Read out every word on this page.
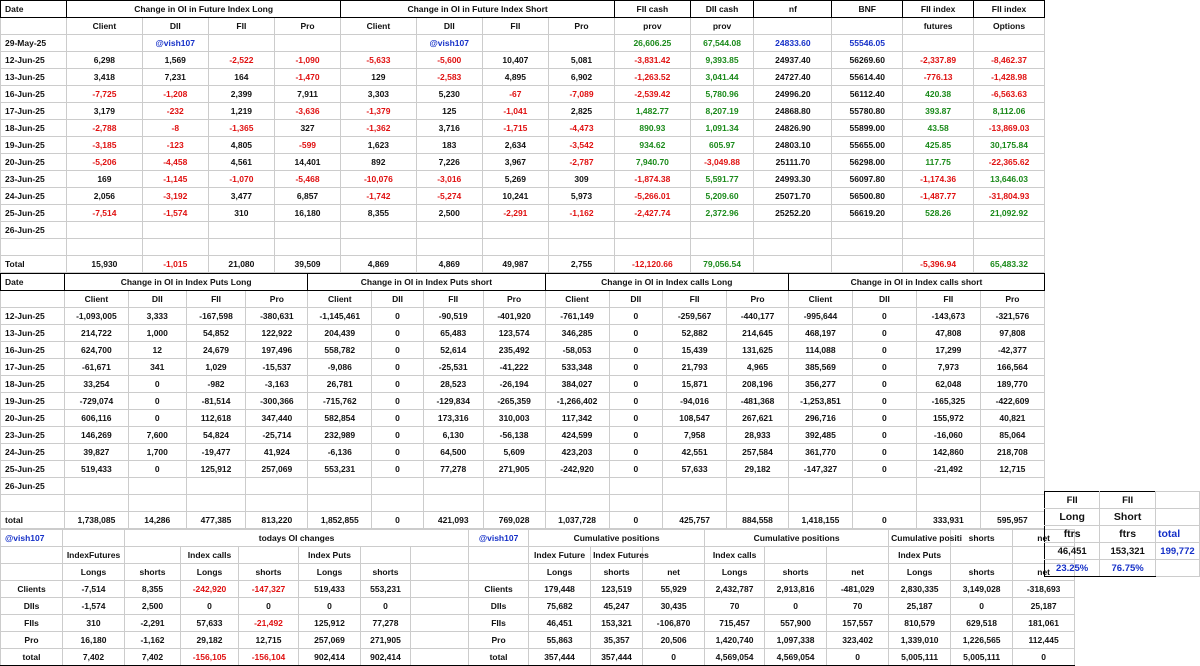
Date	Change in OI in Future Index Long				Change in OI in Future Index Short				FII cash	DII cash	nf	BNF	FII index	FII index
	Client	DII	FII	Pro	Client	DII	FII	Pro	prov	prov			futures	Options
29-May-25		@vish107				@vish107			26,606.25	67,544.08	24833.60	55546.05		
12-Jun-25	6,298	1,569	-2,522	-1,090	-5,633	-5,600	10,407	5,081	-3,831.42	9,393.85	24937.40	56269.60	-2,337.89	-8,462.37
13-Jun-25	3,418	7,231	164	-1,470	129	-2,583	4,895	6,902	-1,263.52	3,041.44	24727.40	55614.40	-776.13	-1,428.98
16-Jun-25	-7,725	-1,208	2,399	7,911	3,303	5,230	-67	-7,089	-2,539.42	5,780.96	24996.20	56112.40	420.38	-6,563.63
17-Jun-25	3,179	-232	1,219	-3,636	-1,379	125	-1,041	2,825	1,482.77	8,207.19	24868.80	55780.80	393.87	8,112.06
18-Jun-25	-2,788	-8	-1,365	327	-1,362	3,716	-1,715	-4,473	890.93	1,091.34	24826.90	55899.00	43.58	-13,869.03
19-Jun-25	-3,185	-123	4,805	-599	1,623	183	2,634	-3,542	934.62	605.97	24803.10	55655.00	425.85	30,175.84
20-Jun-25	-5,206	-4,458	4,561	14,401	892	7,226	3,967	-2,787	7,940.70	-3,049.88	25111.70	56298.00	117.75	-22,365.62
23-Jun-25	169	-1,145	-1,070	-5,468	-10,076	-3,016	5,269	309	-1,874.38	5,591.77	24993.30	56097.80	-1,174.36	13,646.03
24-Jun-25	2,056	-3,192	3,477	6,857	-1,742	-5,274	10,241	5,973	-5,266.01	5,209.60	25071.70	56500.80	-1,487.77	-31,804.93
25-Jun-25	-7,514	-1,574	310	16,180	8,355	2,500	-2,291	-1,162	-2,427.74	2,372.96	25252.20	56619.20	528.26	21,092.92
26-Jun-25														

Total	15,930	-1,015	21,080	39,509	4,869	4,869	49,987	2,755	-12,120.66	79,056.54			-5,396.94	65,483.32
Date	Change in OI in Index Puts Long				Change in OI in Index Puts short				Change in OI in Index calls Long				Change in OI in Index calls short			
	Client	DII	FII	Pro	Client	DII	FII	Pro	Client	DII	FII	Pro	Client	DII	FII	Pro
12-Jun-25	-1,093,005	3,333	-167,598	-380,631	-1,145,461	0	-90,519	-401,920	-761,149	0	-259,567	-440,177	-995,644	0	-143,673	-321,576
13-Jun-25	214,722	1,000	54,852	122,922	204,439	0	65,483	123,574	346,285	0	52,882	214,645	468,197	0	47,808	97,808
16-Jun-25	624,700	12	24,679	197,496	558,782	0	52,614	235,492	-58,053	0	15,439	131,625	114,088	0	17,299	-42,377
17-Jun-25	-61,671	341	1,029	-15,537	-9,086	0	-25,531	-41,222	533,348	0	21,793	4,965	385,569	0	7,973	166,564
18-Jun-25	33,254	0	-982	-3,163	26,781	0	28,523	-26,194	384,027	0	15,871	208,196	356,277	0	62,048	189,770
19-Jun-25	-729,074	0	-81,514	-300,366	-715,762	0	-129,834	-265,359	-1,266,402	0	-94,016	-481,368	-1,253,851	0	-165,325	-422,609
20-Jun-25	606,116	0	112,618	347,440	582,854	0	173,316	310,003	117,342	0	108,547	267,621	296,716	0	155,972	40,821
23-Jun-25	146,269	7,600	54,824	-25,714	232,989	0	6,130	-56,138	424,599	0	7,958	28,933	392,485	0	-16,060	85,064
24-Jun-25	39,827	1,700	-19,477	41,924	-6,136	0	64,500	5,609	423,203	0	42,551	257,584	361,770	0	142,860	218,708
25-Jun-25	519,433	0	125,912	257,069	553,231	0	77,278	271,905	-242,920	0	57,633	29,182	-147,327	0	-21,492	12,715
26-Jun-25																

total	1,738,085	14,286	477,385	813,220	1,852,855	0	421,093	769,028	1,037,728	0	425,757	884,558	1,418,155	0	333,931	595,957
@vish107		todays OI changes						@vish107	Cumulative positions			Cumulative positions			Cumulative positi	shorts	net
	IndexFutures		Index calls		Index Puts				Index Future	Index Futures		Index calls			Index Puts		
	Longs	shorts	Longs	shorts	Longs	shorts			Longs	shorts	net	Longs	shorts	net	Longs	shorts	net
Clients	-7,514	8,355	-242,920	-147,327	519,433	553,231		Clients	179,448	123,519	55,929	2,432,787	2,913,816	-481,029	2,830,335	3,149,028	-318,693
DIIs	-1,574	2,500	0	0	0	0		DIIs	75,682	45,247	30,435	70	0	70	25,187	0	25,187
FIIs	310	-2,291	57,633	-21,492	125,912	77,278		FIIs	46,451	153,321	-106,870	715,457	557,900	157,557	810,579	629,518	181,061
Pro	16,180	-1,162	29,182	12,715	257,069	271,905		Pro	55,863	35,357	20,506	1,420,740	1,097,338	323,402	1,339,010	1,226,565	112,445
total	7,402	7,402	-156,105	-156,104	902,414	902,414		total	357,444	357,444	0	4,569,054	4,569,054	0	5,005,111	5,005,111	0
FII	FII	
Long	Short	
ftrs	ftrs	total
46,451	153,321	199,772
23.25%	76.75%	
